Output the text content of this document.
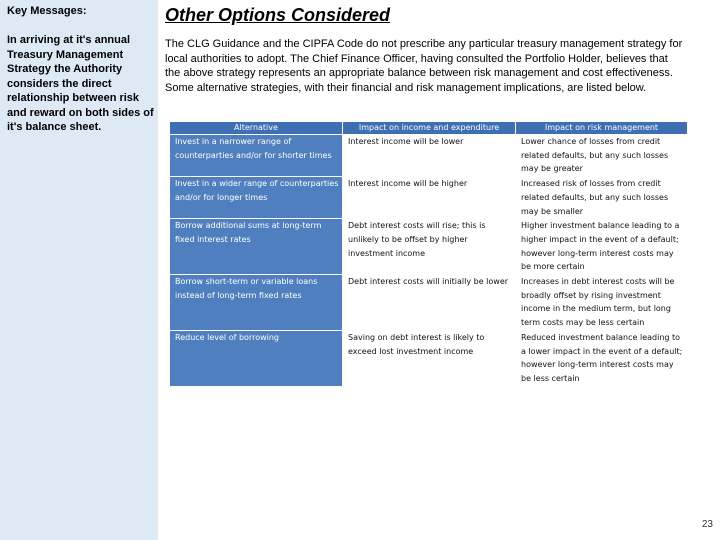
Key Messages:
In arriving at it's annual Treasury Management Strategy the Authority considers the direct relationship between risk and reward on both sides of it's balance sheet.
Other Options Considered
The CLG Guidance and the CIPFA Code do not prescribe any particular treasury management strategy for local authorities to adopt. The Chief Finance Officer, having consulted the Portfolio Holder, believes that the above strategy represents an appropriate balance between risk management and cost effectiveness. Some alternative strategies, with their financial and risk management implications, are listed below.
Alternative	Impact on income and expenditure	Impact on risk management
Invest in a narrower range of counterparties and/or for shorter times	Interest income will be lower	Lower chance of losses from credit related defaults, but any such losses may be greater
Invest in a wider range of counterparties and/or for longer times	Interest income will be higher	Increased risk of losses from credit related defaults, but any such losses may be smaller
Borrow additional sums at long-term fixed interest rates	Debt interest costs will rise; this is unlikely to be offset by higher investment income	Higher investment balance leading to a higher impact in the event of a default; however long-term interest costs may be more certain
Borrow short-term or variable loans instead of long-term fixed rates	Debt interest costs will initially be lower	Increases in debt interest costs will be broadly offset by rising investment income in the medium term, but long term costs may be less certain
Reduce level of borrowing	Saving on debt interest is likely to exceed lost investment income	Reduced investment balance leading to a lower impact in the event of a default; however long-term interest costs may be less certain
23
